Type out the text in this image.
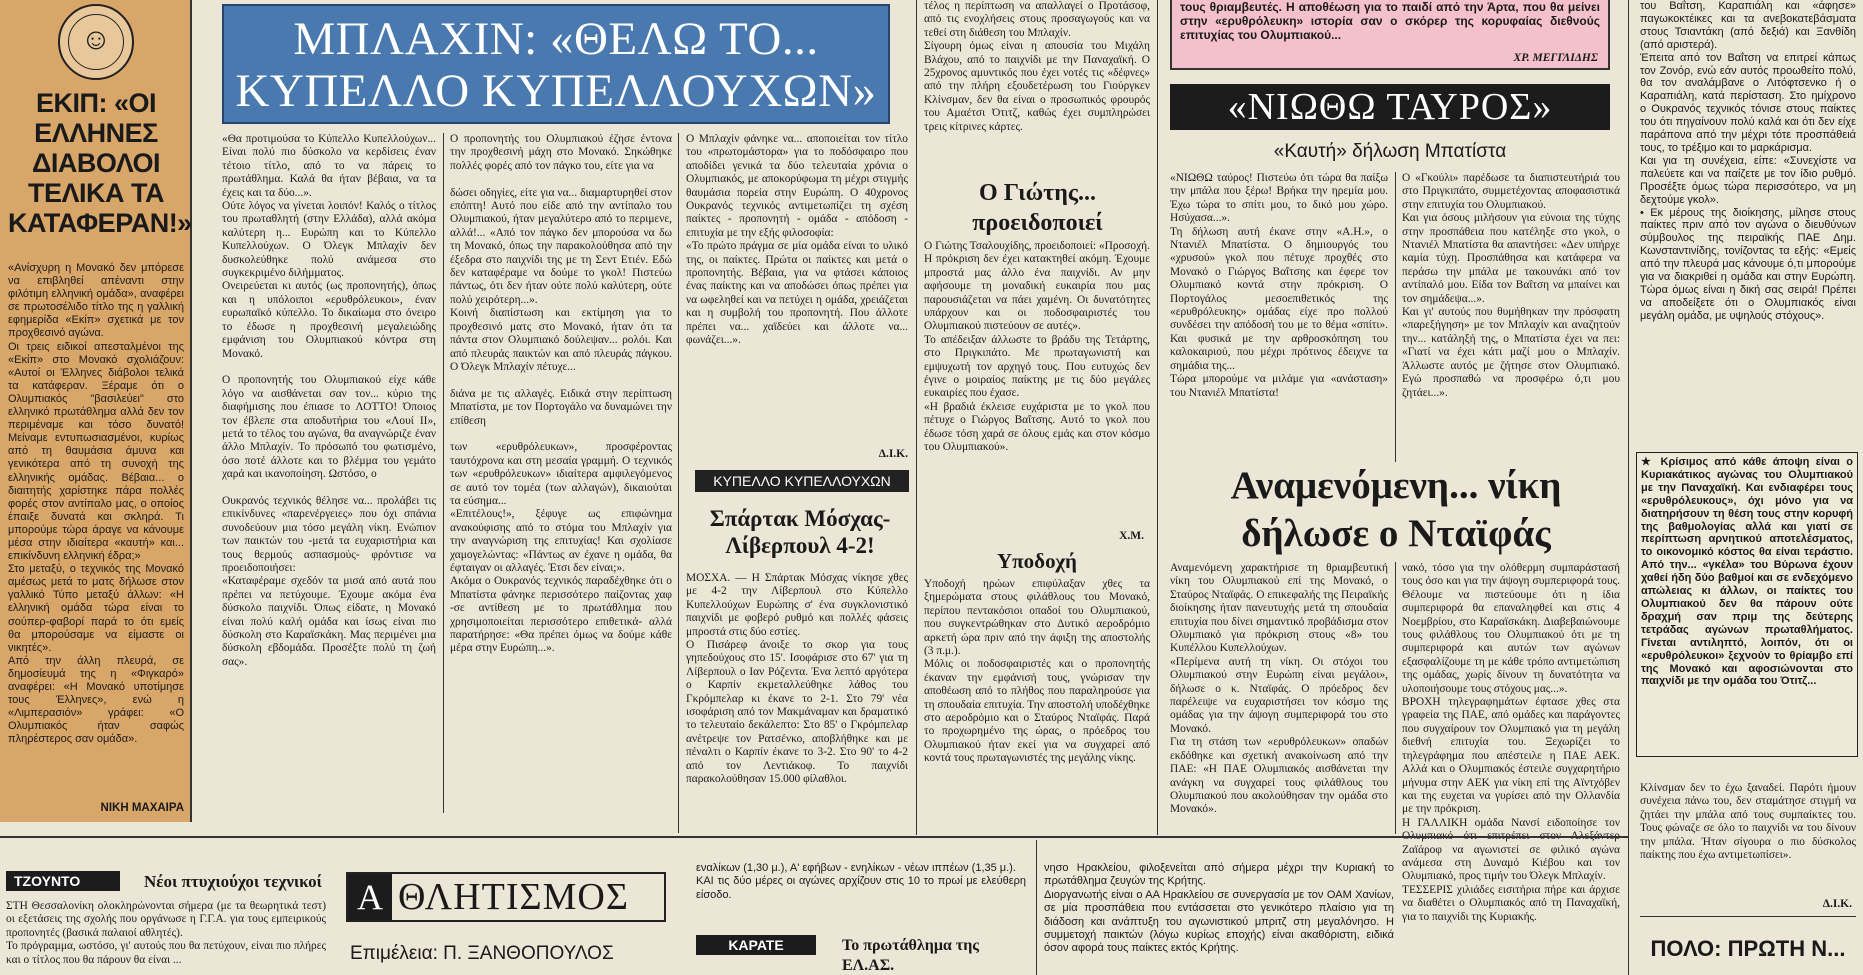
☺
ΕΚΙΠ: «ΟΙ ΕΛΛΗΝΕΣ ΔΙΑΒΟΛΟΙ ΤΕΛΙΚΑ ΤΑ ΚΑΤΑΦΕΡΑΝ!»
«Ανίσχυρη η Μονακό δεν μπόρεσε να επιβληθεί απέναντι στην φιλότιμη ελληνική ομάδα», αναφέρει σε πρωτοσέλιδο τίτλο της η γαλλική εφημερίδα «Εκίπ» σχετικά με τον προχθεσινό αγώνα.
Οι τρεις ειδικοί απεσταλμένοι της «Εκίπ» στο Μονακό σχολιάζουν: «Αυτοί οι Έλληνες διάβολοι τελικά τα κατάφεραν. Ξέραμε ότι ο Ολυμπιακός "βασιλεύει" στο ελληνικό πρωτάθλημα αλλά δεν τον περιμέναμε και τόσο δυνατό! Μείναμε εντυπωσιασμένοι, κυρίως από τη θαυμάσια άμυνα και γενικότερα από τη συνοχή της ελληνικής ομάδας. Βέβαια... ο διαιτητής χαρίστηκε πάρα πολλές φορές στον αντίπαλο μας, ο οποίος έπαιξε δυνατά και σκληρά. Τι μπορούμε τώρα άραγε να κάνουμε μέσα στην ιδιαίτερα «καυτή» και... επικίνδυνη ελληνική έδρα;»
Στο μεταξύ, ο τεχνικός της Μονακό αμέσως μετά το ματς δήλωσε στον γαλλικό Τύπο μεταξύ άλλων: «Η ελληνική ομάδα τώρα είναι το σούπερ-φαβορί παρά το ότι εμείς θα μπορούσαμε να είμαστε οι νικητές».
Από την άλλη πλευρά, σε δημοσίευμά της η «Φιγκαρό» αναφέρει: «Η Μονακό υποτίμησε τους Έλληνες», ενώ η «Λιμπερασιόν» γράφει: «Ο Ολυμπιακός ήταν σαφώς πληρέστερος σαν ομάδα».
ΝΙΚΗ ΜΑΧΑΙΡΑ
ΜΠΛΑΧΙΝ: «ΘΕΛΩ ΤΟ... ΚΥΠΕΛΛΟ ΚΥΠΕΛΛΟΥΧΩΝ»
«Θα προτιμούσα το Κύπελλο Κυπελλούχων... Είναι πολύ πιο δύσκολο να κερδίσεις έναν τέτοιο τίτλο, από το να πάρεις το πρωτάθλημα. Καλά θα ήταν βέβαια, να τα έχεις και τα δύο...».
Ούτε λόγος να γίνεται λοιπόν! Καλός ο τίτλος του πρωταθλητή (στην Ελλάδα), αλλά ακόμα καλύτερη η... Ευρώπη και το Κύπελλο Κυπελλούχων. Ο Όλεγκ Μπλαχίν δεν δυσκολεύθηκε πολύ ανάμεσα στο συγκεκριμένο διλήμματος.
Ονειρεύεται κι αυτός (ως προπονητής), όπως και η υπόλοιποι «ερυθρόλευκοι», έναν ευρωπαϊκό κύπελλο. Το δικαίωμα στο όνειρο το έδωσε η προχθεσινή μεγαλειώδης εμφάνιση του Ολυμπιακού κόντρα στη Μονακό.

Ο προπονητής του Ολυμπιακού είχε κάθε λόγο να αισθάνεται σαν τον... κύριο της διαφήμισης που έπιασε το ΛΟΤΤΟ! Όποιος τον έβλεπε στα αποδυτήρια του «Λουί ΙΙ», μετά το τέλος του αγώνα, θα αναγνώριζε έναν άλλο Μπλαχίν. Το πρόσωπό του φωτισμένο, όσο ποτέ άλλοτε και το βλέμμα του γεμάτο χαρά και ικανοποίηση. Ωστόσο, ο

Ουκρανός τεχνικός θέλησε να... προλάβει τις επικίνδυνες «παρενέργειες» που όχι σπάνια συνοδεύουν μια τόσο μεγάλη νίκη. Ενώπιον των παικτών του -μετά τα ευχαριστήρια και τους θερμούς ασπασμούς- φρόντισε να προειδοποιήσει:
«Καταφέραμε σχεδόν τα μισά από αυτά που πρέπει να πετύχουμε. Έχουμε ακόμα ένα δύσκολο παιχνίδι. Όπως είδατε, η Μονακό είναι πολύ καλή ομάδα και ίσως είναι πιο δύσκολη στο Καραϊσκάκη. Μας περιμένει μια δύσκολη εβδομάδα. Προσέξτε πολύ τη ζωή σας».
Ο προπονητής του Ολυμπιακού έζησε έντονα την προχθεσινή μάχη στο Μονακό. Σηκώθηκε πολλές φορές από τον πάγκο του, είτε για να

δώσει οδηγίες, είτε για να... διαμαρτυρηθεί στον επόπτη! Αυτό που είδε από την αντίπαλο του Ολυμπιακού, ήταν μεγαλύτερο από το περιμενε, αλλά!... «Από τον πάγκο δεν μπορούσα να δω τη Μονακό, όπως την παρακολούθησα από την έξεδρα στο παιχνίδι της με τη Σεντ Ετιέν. Εδώ δεν καταφέραμε να δούμε το γκολ! Πιστεύω πάντως, ότι δεν ήταν ούτε πολύ καλύτερη, ούτε πολύ χειρότερη...».
Κοινή διαπίστωση και εκτίμηση για το προχθεσινό ματς στο Μονακό, ήταν ότι τα πάντα στον Ολυμπιακό δούλεψαν... ρολόι. Και από πλευράς παικτών και από πλευράς πάγκου. Ο Όλεγκ Μπλαχίν πέτυχε...

διάνα με τις αλλαγές. Ειδικά στην περίπτωση Μπατίστα, με τον Πορτογάλο να δυναμώνει την επίθεση

των «ερυθρόλευκων», προσφέροντας ταυτόχρονα και στη μεσαία γραμμή. Ο τεχνικός των «ερυθρόλευκων» ιδιαίτερα αμφιλεγόμενος σε αυτό τον τομέα (των αλλαγών), δικαιούται τα εύσημα...
«Επιτέλους!», ξέφυγε ως επιφώνημα ανακούφισης από το στόμα του Μπλαχίν για την αναγνώριση της επιτυχίας! Και σχολίασε χαμογελώντας: «Πάντως αν έχανε η ομάδα, θα έφταιγαν οι αλλαγές. Έτσι δεν είναι;».
Ακόμα ο Ουκρανός τεχνικός παραδέχθηκε ότι ο Μπατίστα φάνηκε περισσότερο παίζοντας χαφ -σε αντίθεση με το πρωτάθλημα που χρησιμοποιείται περισσότερο επιθετικά- αλλά παρατήρησε: «Θα πρέπει όμως να δούμε κάθε μέρα στην Ευρώπη...».
Ο Μπλαχίν φάνηκε να... αποποιείται τον τίτλο του «πρωτομάστορα» για το ποδόσφαιρο που αποδίδει γενικά τα δύο τελευταία χρόνια ο Ολυμπιακός, με αποκορύφωμα τη μέχρι στιγμής θαυμάσια πορεία στην Ευρώπη. Ο 40χρονος Ουκρανός τεχνικός αντιμετωπίζει τη σχέση παίκτες - προπονητή - ομάδα - απόδοση - επιτυχία με την εξής φιλοσοφία:
«Το πρώτο πράγμα σε μία ομάδα είναι το υλικό της, οι παίκτες. Πρώτα οι παίκτες και μετά ο προπονητής. Βέβαια, για να φτάσει κάποιος ένας παίκτης και να αποδώσει όπως πρέπει για να ωφεληθεί και να πετύχει η ομάδα, χρειάζεται και η συμβολή του προπονητή. Που άλλοτε πρέπει να... χαϊδεύει και άλλοτε να... φωνάζει...».
Δ.Ι.Κ.
ΚΥΠΕΛΛΟ ΚΥΠΕΛΛΟΥΧΩΝ
Σπάρτακ Μόσχας-Λίβερπουλ 4-2!
ΜΟΣΧΑ. — Η Σπάρτακ Μόσχας νίκησε χθες με 4-2 την Λίβερπουλ στο Κύπελλο Κυπελλούχων Ευρώπης σ' ένα συγκλονιστικό παιχνίδι με φοβερό ρυθμό και πολλές φάσεις μπροστά στις δύο εστίες.
Ο Πισάρεφ άνοιξε το σκορ για τους γηπεδούχους στο 15'. Ισοφάρισε στο 67' για τη Λίβερπουλ ο Ιαν Ρόζεντα. Ένα λεπτό αργότερα ο Καρπίν εκμεταλλεύθηκε λάθος του Γκρόμπελαρ κι έκανε το 2-1. Στο 79' νέα ισοφάριση από τον Μακμάναμαν και δραματικό το τελευταίο δεκάλεπτο: Στο 85' ο Γκρόμπελαρ ανέτρεψε τον Ρατσένκο, αποβλήθηκε και με πέναλτι ο Καρπίν έκανε το 3-2. Στο 90' το 4-2 από τον Λεντιάκοφ. Το παιχνίδι παρακολούθησαν 15.000 φίλαθλοι.
τέλος η περίπτωση να απαλλαγεί ο Προτάσοφ, από τις ενοχλήσεις στους προσαγωγούς και να τεθεί στη διάθεση του Μπλαχίν.
Σίγουρη όμως είναι η απουσία του Μιχάλη Βλάχου, από το παιχνίδι με την Παναχαϊκή. Ο 25χρονος αμυντικός που έχει νοτές τις «δέφνες» από την πλήρη εξουδετέρωση του Γιούργκεν Κλίνσμαν, δεν θα είναι ο προσωπικός φρουρός του Αμαέτσι Ότιτζ, καθώς έχει συμπληρώσει τρεις κίτρινες κάρτες.
Ο Γιώτης... προειδοποιεί
Ο Γιώτης Τσαλουχίδης, προειδοποιεί: «Προσοχή. Η πρόκριση δεν έχει κατακτηθεί ακόμη. Έχουμε μπροστά μας άλλο ένα παιχνίδι. Αν μην αφήσουμε τη μοναδική ευκαιρία που μας παρουσιάζεται να πάει χαμένη. Οι δυνατότητες υπάρχουν και οι ποδοσφαιριστές του Ολυμπιακού πιστεύουν σε αυτές».
Το απέδειξαν άλλωστε το βράδυ της Τετάρτης, στο Πριγκιπάτο. Με πρωταγωνιστή και εμψυχωτή τον αρχηγό τους. Που ευτυχώς δεν έγινε ο μοιραίος παίκτης με τις δύο μεγάλες ευκαιρίες που έχασε.
«Η βραδιά έκλεισε ευχάριστα με το γκολ που πέτυχε ο Γιώργος Βαΐτσης. Αυτό το γκολ που έδωσε τόση χαρά σε όλους εμάς και στον κόσμο του Ολυμπιακού».
Χ.Μ.
Υποδοχή
Υποδοχή ηρώων επιφύλαξαν χθες τα ξημερώματα στους φιλάθλους του Μονακό, περίπου πεντακόσιοι οπαδοί του Ολυμπιακού, που συγκεντρώθηκαν στο Δυτικό αεροδρόμιο αρκετή ώρα πριν από την άφιξη της αποστολής (3 π.μ.).
Μόλις οι ποδοσφαιριστές και ο προπονητής έκαναν την εμφάνισή τους, γνώρισαν την αποθέωση από το πλήθος που παραληρούσε για τη σπουδαία επιτυχία. Την αποστολή υποδέχθηκε στο αεροδρόμιο και ο Σταύρος Νταϊφάς. Παρά το προχωρημένο της ώρας, ο πρόεδρος του Ολυμπιακού ήταν εκεί για να συγχαρεί από κοντά τους πρωταγωνιστές της μεγάλης νίκης.
τους θριαμβευτές. Η αποθέωση για το παιδί από την Άρτα, που θα μείνει στην «ερυθρόλευκη» ιστορία σαν ο σκόρερ της κορυφαίας διεθνούς επιτυχίας του Ολυμπιακού...
ΧΡ. ΜΕΓΓΛΙΔΗΣ
«ΝΙΩΘΩ ΤΑΥΡΟΣ»
«Καυτή» δήλωση Μπατίστα
«ΝΙΩΘΩ ταύρος! Πιστεύω ότι τώρα θα παίξω την μπάλα που ξέρω! Βρήκα την ηρεμία μου. Έχω τώρα το σπίτι μου, το δικό μου χώρο. Ησύχασα...».
Τη δήλωση αυτή έκανε στην «Α.Η.», ο Ντανιέλ Μπατίστα. Ο δημιουργός του «χρυσού» γκολ που πέτυχε προχθές στο Μονακό ο Γιώργος Βαΐτσης και έφερε τον Ολυμπιακό κοντά στην πρόκριση. Ο Πορτογάλος μεσοεπιθετικός της «ερυθρόλευκης» ομάδας είχε προ πολλού συνδέσει την απόδοσή του με το θέμα «σπίτι». Και φυσικά με την αρθροσκόπηση του καλοκαιριού, που μέχρι πρότινος έδειχνε τα σημάδια της...
Τώρα μπορούμε να μιλάμε για «ανάσταση» του Ντανιέλ Μπατίστα!
Ο «Γκούλι» παρέδωσε τα διαπιστευτήριά του στο Πριγκιπάτο, συμμετέχοντας αποφασιστικά στην επιτυχία του Ολυμπιακού.
Και για όσους μιλήσουν για εύνοια της τύχης στην προσπάθεια που κατέληξε στο γκολ, ο Ντανιέλ Μπατίστα θα απαντήσει: «Δεν υπήρχε καμία τύχη. Προσπάθησα και κατάφερα να περάσω την μπάλα με τακουνάκι από τον αντίπαλό μου. Είδα τον Βαΐτση να μπαίνει και τον σημάδεψα...».
Και γι' αυτούς που θυμήθηκαν την πρόσφατη «παρεξήγηση» με τον Μπλαχίν και αναζητούν την... κατάληξή της, ο Μπατίστα έχει να πει: «Γιατί να έχει κάτι μαζί μου ο Μπλαχίν. Άλλωστε αυτός με ζήτησε στον Ολυμπιακό. Εγώ προσπαθώ να προσφέρω ό,τι μου ζητάει...».
Αναμενόμενη... νίκη δήλωσε ο Νταϊφάς
Αναμενόμενη χαρακτήρισε τη θριαμβευτική νίκη του Ολυμπιακού επί της Μονακό, ο Σταύρος Νταϊφάς. Ο επικεφαλής της Πειραϊκής διοίκησης ήταν πανευτυχής μετά τη σπουδαία επιτυχία που δίνει σημαντικό προβάδισμα στον Ολυμπιακό για πρόκριση στους «8» του Κυπέλλου Κυπελλούχων.
«Περίμενα αυτή τη νίκη. Οι στόχοι του Ολυμπιακού στην Ευρώπη είναι μεγάλοι», δήλωσε ο κ. Νταϊφάς. Ο πρόεδρος δεν παρέλειψε να ευχαριστήσει τον κόσμο της ομάδας για την άψογη συμπεριφορά του στο Μονακό.
Για τη στάση των «ερυθρόλευκων» οπαδών εκδόθηκε και σχετική ανακοίνωση από την ΠΑΕ: «Η ΠΑΕ Ολυμπιακός αισθάνεται την ανάγκη να συγχαρεί τους φιλάθλους του Ολυμπιακού που ακολούθησαν την ομάδα στο Μονακό».
νακό, τόσο για την ολόθερμη συμπαράστασή τους όσο και για την άψογη συμπεριφορά τους. Θέλουμε να πιστεύουμε ότι η ίδια συμπεριφορά θα επαναληφθεί και στις 4 Νοεμβρίου, στο Καραϊσκάκη. Διαβεβαιώνουμε τους φιλάθλους του Ολυμπιακού ότι με τη συμπεριφορά και αυτών των αγώνων εξασφαλίζουμε τη με κάθε τρόπο αντιμετώπιση της ομάδας, χωρίς δίνουν τη δυνατότητα να υλοποιήσουμε τους στόχους μας...».
ΒΡΟΧΗ τηλεγραφημάτων έφτασε χθες στα γραφεία της ΠΑΕ, από ομάδες και παράγοντες που συγχαίρουν τον Ολυμπιακό για τη μεγάλη διεθνή επιτυχία του. Ξεχωρίζει το τηλεγράφημα που απέστειλε η ΠΑΕ ΑΕΚ. Αλλά και ο Ολυμπιακός έστειλε συγχαρητήριο μήνυμα στην ΑΕΚ για νίκη επί της Αϊντχόβεν και της ευχεται να γυρίσει από την Ολλανδία με την πρόκριση.
Η ΓΑΛΛΙΚΗ ομάδα Νανσί ειδοποίησε τον Ζαϊάροφ να αγωνιστεί σε φιλικό αγώνα ανάμεσα στη Δυναμό Κιέβου και τον Ολυμπιακό, προς τιμήν του Όλεγκ Μπλαχίν.
ΤΕΣΣΕΡΙΣ χιλιάδες εισιτήρια πήρε και άρχισε να διαθέτει ο Ολυμπιακός από τη Παναχαϊκή, για το παιχνίδι της Κυριακής.
του Βαΐτση, Καραπιάλη και «άφησε» παγωκοκτέικες και τα ανεβοκατεβάσματα στους Τσιαντάκη (από δεξιά) και Ξανθίδη (από αριστερά).
Έπειτα από τον Βαΐτση να επιτρεί κάπως τον Ζονόρ, ενώ εάν αυτός προωθείτο πολύ, θα τον αναλάμβανε ο Λιτόφτσενκο ή ο Καραπιάλη, κατά περίσταση. Στο ημίχρονο ο Ουκρανός τεχνικός τόνισε στους παίκτες του ότι πηγαίνουν πολύ καλά και ότι δεν είχε παράπονα από την μέχρι τότε προσπάθειά τους, το τρέξιμο και το μαρκάρισμα.
Και για τη συνέχεια, είπε: «Συνεχίστε να παλεύετε και να παίζετε με τον ίδιο ρυθμό. Προσέξτε όμως τώρα περισσότερο, να μη δεχτούμε γκολ».
• Εκ μέρους της διοίκησης, μίλησε στους παίκτες πριν από τον αγώνα ο διευθύνων σύμβουλος της πειραϊκής ΠΑΕ Δημ. Κωνσταντινίδης, τονίζοντας τα εξής: «Εμείς από την πλευρά μας κάνουμε ό,τι μπορούμε για να διακριθεί η ομάδα και στην Ευρώπη. Τώρα όμως είναι η δική σας σειρά! Πρέπει να αποδείξετε ότι ο Ολυμπιακός είναι μεγάλη ομάδα, με υψηλούς στόχους».
★ Κρίσιμος από κάθε άποψη είναι ο Κυριακάτικος αγώνας του Ολυμπιακού με την Παναχαϊκή. Και ενδιαφέρει τους «ερυθρόλευκους», όχι μόνο για να διατηρήσουν τη θέση τους στην κορυφή της βαθμολογίας αλλά και γιατί σε περίπτωση αρνητικού αποτελέσματος, το οικονομικό κόστος θα είναι τεράστιο. Από την... «γκέλα» του Βύρωνα έχουν χαθεί ήδη δύο βαθμοί και σε ενδεχόμενο απώλειας κι άλλων, οι παίκτες του Ολυμπιακού δεν θα πάρουν ούτε δραχμή σαν πριμ της δεύτερης τετράδας αγώνων πρωταθλήματος. Γίνεται αντιληπτό, λοιπόν, ότι οι «ερυθρόλευκοι» ξεχνούν το θρίαμβο επί της Μονακό και αφοσιώνονται στο παιχνίδι με την ομάδα του Ότιτζ...
Κλίνσμαν δεν το έχω ξαναδεί. Παρότι ήμουν συνέχεια πάνω του, δεν σταμάτησε στιγμή να ζητάει την μπάλα από τους συμπαίκτες του. Τους φώναζε σε όλο το παιχνίδι να του δίνουν την μπάλα. Ήταν σίγουρα ο πιο δύσκολος παίκτης που έχω αντιμετωπίσει».
Δ.Ι.Κ.
ΠΟΛΟ: ΠΡΩΤΗ Ν...
ΤΖΟΥΝΤΟ	Νέοι πτυχιούχοι τεχνικοί
ΣΤΗ Θεσσαλονίκη ολοκληρώνονται σήμερα (με τα θεωρητικά τεστ) οι εξετάσεις της σχολής που οργάνωσε η Γ.Γ.Α. για τους εμπειρικούς προπονητές (βασικά παλαιοί αθλητές).
Το πρόγραμμα, ωστόσο, γι' αυτούς που θα πετύχουν, είναι πιο πλήρες και ο τίτλος που θα πάρουν θα είναι ...
Α ΘΛΗΤΙΣΜΟΣ
Επιμέλεια: Π. ΞΑΝΘΟΠΟΥΛΟΣ
εναλίκων (1,30 μ.), Α' εφήβων - ενηλίκων - νέων ιππέων (1,35 μ.).
ΚΑΙ τις δύο μέρες οι αγώνες αρχίζουν στις 10 το πρωί με ελεύθερη είσοδο.
ΚΑΡΑΤΕ	Το πρωτάθλημα της ΕΛ.ΑΣ.
νησο Ηρακλείου, φιλοξενείται από σήμερα μέχρι την Κυριακή το πρωτάθλημα ζευγών της Κρήτης.
Διοργανωτής είναι ο ΑΑ Ηρακλείου σε συνεργασία με τον ΟΑΜ Χανίων, σε μία προσπάθεια που εντάσσεται στο γενικότερο πλαίσιο για τη διάδοση και ανάπτυξη του αγωνιστικού μπριτζ στη μεγαλόνησο. Η συμμετοχή παικτών (λόγω κυρίως εποχής) είναι ακαθόριστη, ειδικά όσον αφορά τους παίκτες εκτός Κρήτης.
